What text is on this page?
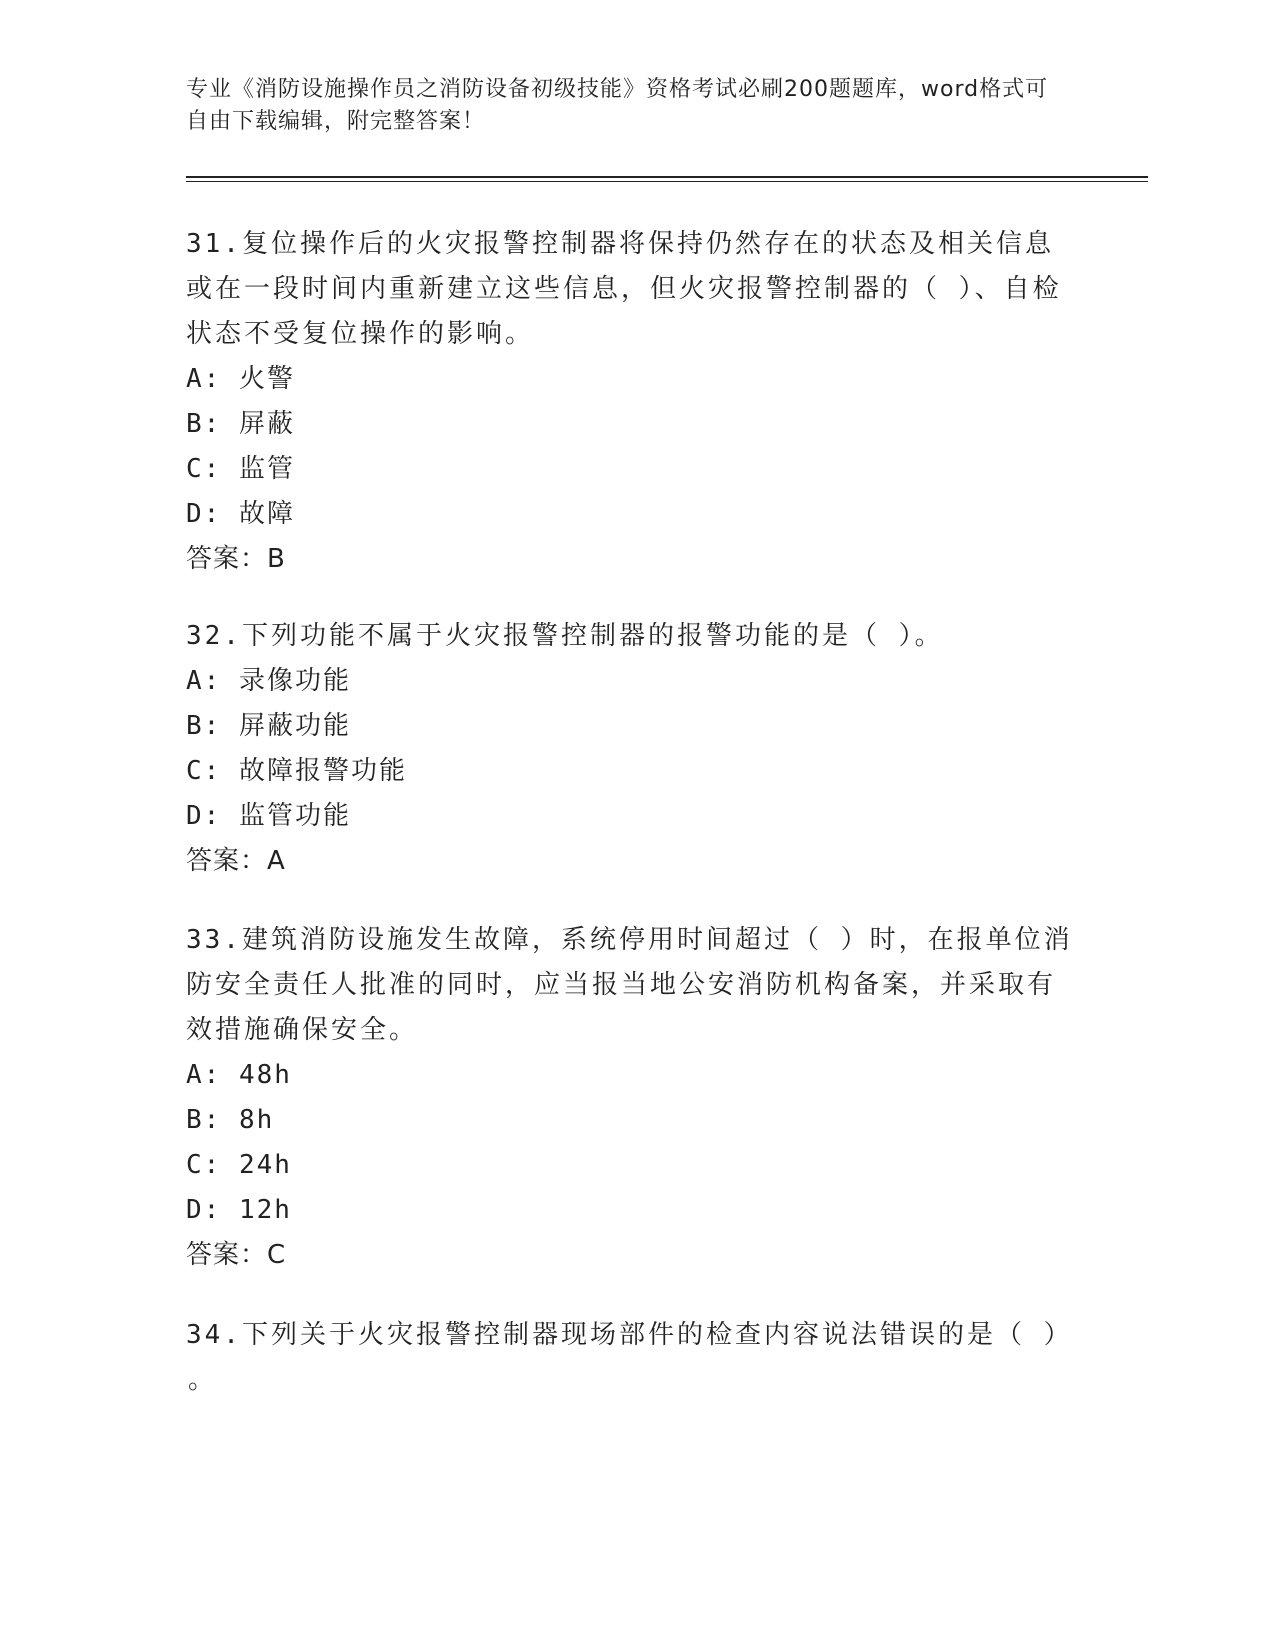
专业《消防设施操作员之消防设备初级技能》资格考试必刷200题题库，word格式可自由下载编辑，附完整答案！

31.复位操作后的火灾报警控制器将保持仍然存在的状态及相关信息或在一段时间内重新建立这些信息，但火灾报警控制器的（ ）、自检状态不受复位操作的影响。

A: 火警

B: 屏蔽

C: 监管

D: 故障

答案：B

32.下列功能不属于火灾报警控制器的报警功能的是（ ）。

A: 录像功能

B: 屏蔽功能

C: 故障报警功能

D: 监管功能

答案：A

33.建筑消防设施发生故障，系统停用时间超过（ ）时，在报单位消防安全责任人批准的同时，应当报当地公安消防机构备案，并采取有效措施确保安全。

A: 48h

B: 8h

C: 24h

D: 12h

答案：C

34.下列关于火灾报警控制器现场部件的检查内容说法错误的是（ ）

。
